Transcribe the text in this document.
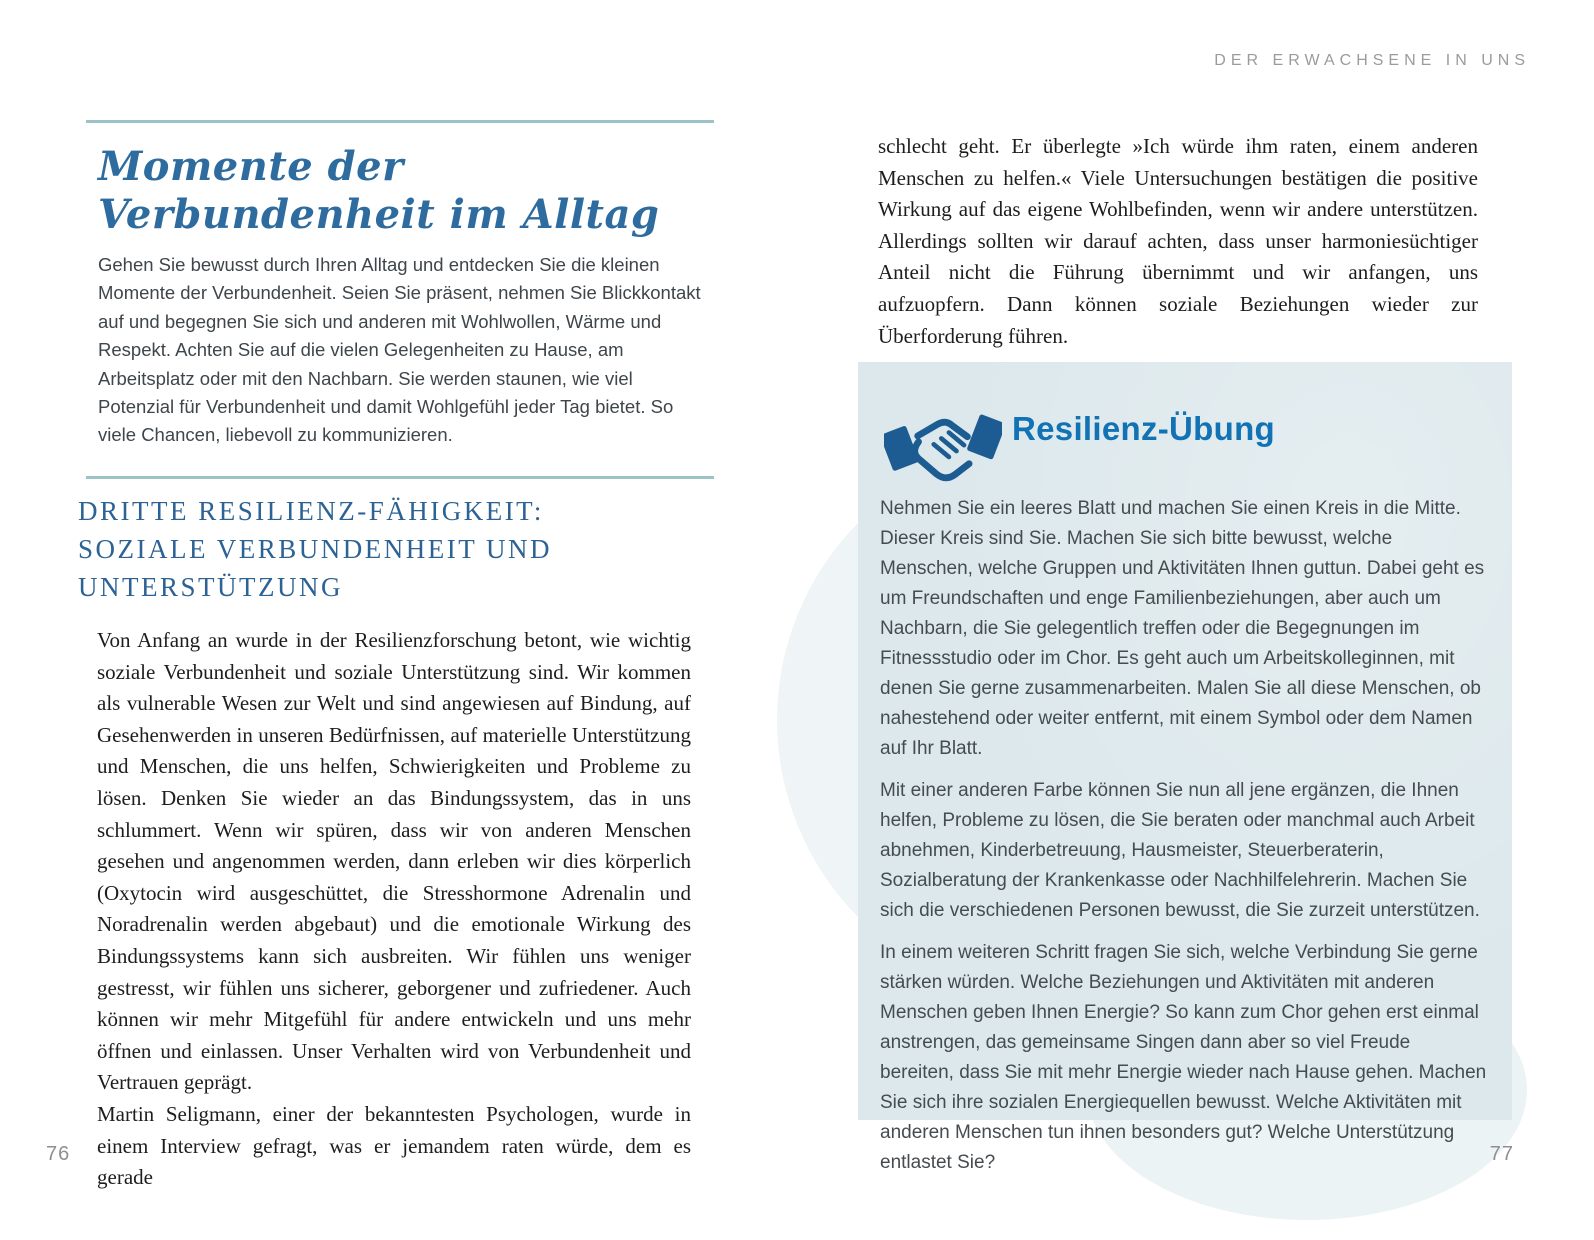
Momente der Verbundenheit im Alltag
Gehen Sie bewusst durch Ihren Alltag und entdecken Sie die kleinen Momente der Verbundenheit. Seien Sie präsent, nehmen Sie Blickkontakt auf und begegnen Sie sich und anderen mit Wohlwollen, Wärme und Respekt. Achten Sie auf die vielen Gelegenheiten zu Hause, am Arbeitsplatz oder mit den Nachbarn. Sie werden staunen, wie viel Potenzial für Verbundenheit und damit Wohlgefühl jeder Tag bietet. So viele Chancen, liebevoll zu kommunizieren.
DRITTE RESILIENZ-FÄHIGKEIT: SOZIALE VERBUNDENHEIT UND UNTERSTÜTZUNG

Von Anfang an wurde in der Resilienzforschung betont, wie wichtig soziale Verbundenheit und soziale Unterstützung sind. Wir kommen als vulnerable Wesen zur Welt und sind angewiesen auf Bindung, auf Gesehenwerden in unseren Bedürfnissen, auf materielle Unterstützung und Menschen, die uns helfen, Schwierigkeiten und Probleme zu lösen. Denken Sie wieder an das Bindungssystem, das in uns schlummert. Wenn wir spüren, dass wir von anderen Menschen gesehen und angenommen werden, dann erleben wir dies körperlich (Oxytocin wird ausgeschüttet, die Stresshormone Adrenalin und Noradrenalin werden abgebaut) und die emotionale Wirkung des Bindungssystems kann sich ausbreiten. Wir fühlen uns weniger gestresst, wir fühlen uns sicherer, geborgener und zufriedener. Auch können wir mehr Mitgefühl für andere entwickeln und uns mehr öffnen und einlassen. Unser Verhalten wird von Verbundenheit und Vertrauen geprägt.

Martin Seligmann, einer der bekanntesten Psychologen, wurde in einem Interview gefragt, was er jemandem raten würde, dem es gerade

76
DER ERWACHSENE IN UNS

schlecht geht. Er überlegte »Ich würde ihm raten, einem anderen Menschen zu helfen.« Viele Untersuchungen bestätigen die positive Wirkung auf das eigene Wohlbefinden, wenn wir andere unterstützen. Allerdings sollten wir darauf achten, dass unser harmoniesüchtiger Anteil nicht die Führung übernimmt und wir anfangen, uns aufzuopfern. Dann können soziale Beziehungen wieder zur Überforderung führen.

Resilienz-Übung

Nehmen Sie ein leeres Blatt und machen Sie einen Kreis in die Mitte. Dieser Kreis sind Sie. Machen Sie sich bitte bewusst, welche Menschen, welche Gruppen und Aktivitäten Ihnen guttun. Dabei geht es um Freundschaften und enge Familienbeziehungen, aber auch um Nachbarn, die Sie gelegentlich treffen oder die Begegnungen im Fitnessstudio oder im Chor. Es geht auch um Arbeitskolleginnen, mit denen Sie gerne zusammenarbeiten. Malen Sie all diese Menschen, ob nahestehend oder weiter entfernt, mit einem Symbol oder dem Namen auf Ihr Blatt.

Mit einer anderen Farbe können Sie nun all jene ergänzen, die Ihnen helfen, Probleme zu lösen, die Sie beraten oder manchmal auch Arbeit abnehmen, Kinderbetreuung, Hausmeister, Steuerberaterin, Sozialberatung der Krankenkasse oder Nachhilfelehrerin. Machen Sie sich die verschiedenen Personen bewusst, die Sie zurzeit unterstützen.

In einem weiteren Schritt fragen Sie sich, welche Verbindung Sie gerne stärken würden. Welche Beziehungen und Aktivitäten mit anderen Menschen geben Ihnen Energie? So kann zum Chor gehen erst einmal anstrengen, das gemeinsame Singen dann aber so viel Freude bereiten, dass Sie mit mehr Energie wieder nach Hause gehen. Machen Sie sich ihre sozialen Energiequellen bewusst. Welche Aktivitäten mit anderen Menschen tun ihnen besonders gut? Welche Unterstützung entlastet Sie?	77
